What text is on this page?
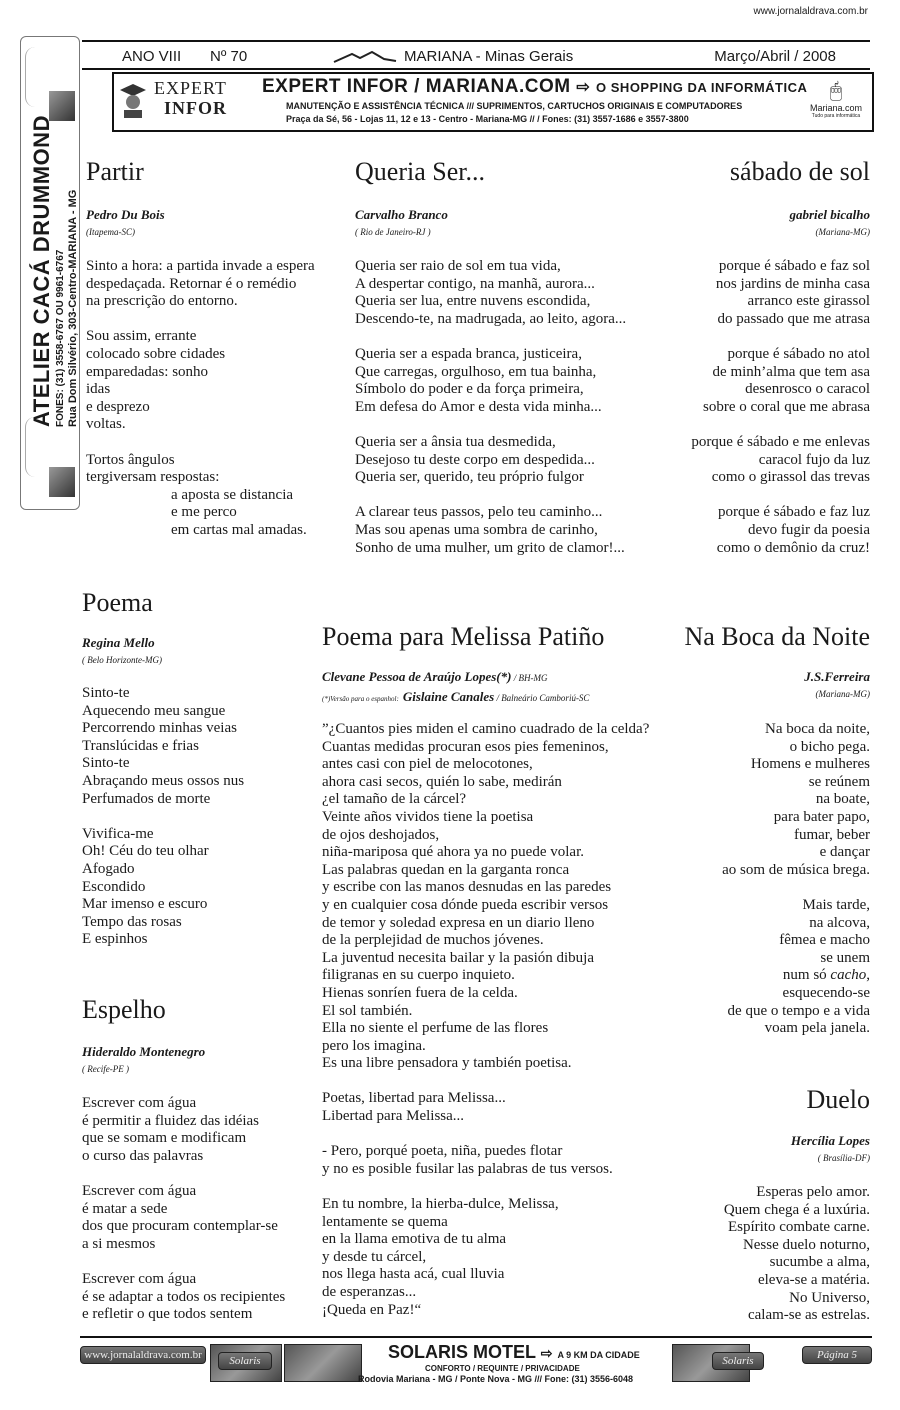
www.jornalaldrava.com.br
ANO VIII Nº 70	MARIANA - Minas Gerais	Março/Abril / 2008
EXPERT
INFOR
EXPERT INFOR / MARIANA.COM ⇨ O SHOPPING DA INFORMÁTICA
MANUTENÇÃO E ASSISTÊNCIA TÉCNICA /// SUPRIMENTOS, CARTUCHOS ORIGINAIS E COMPUTADORES
Praça da Sé, 56 - Lojas 11, 12 e 13 - Centro - Mariana-MG // / Fones: (31) 3557-1686 e 3557-3800
🖱
Mariana.com
Tudo para informática
ATELIER CACÁ DRUMMOND FONES: (31) 3558-6767 OU 9961-6767 Rua Dom Silvério, 303-Centro-MARIANA - MG
Partir
Pedro Du Bois
(Itapema-SC)
Sinto a hora: a partida invade a espera
despedaçada. Retornar é o remédio
na prescrição do entorno.
Sou assim, errante
colocado sobre cidades
emparedadas: sonho
idas
e desprezo
voltas.
Tortos ângulos
tergiversam respostas:
a aposta se distancia
e me perco
em cartas mal amadas.
Queria Ser...
Carvalho Branco
( Rio de Janeiro-RJ )
Queria ser raio de sol em tua vida,
A despertar contigo, na manhã, aurora...
Queria ser lua, entre nuvens escondida,
Descendo-te, na madrugada, ao leito, agora...
Queria ser a espada branca, justiceira,
Que carregas, orgulhoso, em tua bainha,
Símbolo do poder e da força primeira,
Em defesa do Amor e desta vida minha...
Queria ser a ânsia tua desmedida,
Desejoso tu deste corpo em despedida...
Queria ser, querido, teu próprio fulgor
A clarear teus passos, pelo teu caminho...
Mas sou apenas uma sombra de carinho,
Sonho de uma mulher, um grito de clamor!...
sábado de sol
gabriel bicalho
(Mariana-MG)
porque é sábado e faz sol
nos jardins de minha casa
arranco este girassol
do passado que me atrasa
porque é sábado no atol
de minh’alma que tem asa
desenrosco o caracol
sobre o coral que me abrasa
porque é sábado e me enlevas
caracol fujo da luz
como o girassol das trevas
porque é sábado e faz luz
devo fugir da poesia
como o demônio da cruz!
Poema
Regina Mello
( Belo Horizonte-MG)
Sinto-te
Aquecendo meu sangue
Percorrendo minhas veias
Translúcidas e frias
Sinto-te
Abraçando meus ossos nus
Perfumados de morte
Vivifica-me
Oh! Céu do teu olhar
Afogado
Escondido
Mar imenso e escuro
Tempo das rosas
E espinhos
Espelho
Hideraldo Montenegro
( Recife-PE )
Escrever com água
é permitir a fluidez das idéias
que se somam e modificam
o curso das palavras
Escrever com água
é matar a sede
dos que procuram contemplar-se
a si mesmos
Escrever com água
é se adaptar a todos os recipientes
e refletir o que todos sentem
Poema para Melissa Patiño
Clevane Pessoa de Araújo Lopes(*) / BH-MG
(*)Versão para o espanhol: Gislaine Canales / Balneário Camboriú-SC
”¿Cuantos pies miden el camino cuadrado de la celda?
Cuantas medidas procuran esos pies femeninos,
antes casi con piel de melocotones,
ahora casi secos, quién lo sabe, medirán
¿el tamaño de la cárcel?
Veinte años vividos tiene la poetisa
de ojos deshojados,
niña-mariposa qué ahora ya no puede volar.
Las palabras quedan en la garganta ronca
y escribe con las manos desnudas en las paredes
y en cualquier cosa dónde pueda escribir versos
de temor y soledad expresa en un diario lleno
de la perplejidad de muchos jóvenes.
La juventud necesita bailar y la pasión dibuja
filigranas en su cuerpo inquieto.
Hienas sonríen fuera de la celda.
El sol también.
Ella no siente el perfume de las flores
pero los imagina.
Es una libre pensadora y también poetisa.
Poetas, libertad para Melissa...
Libertad para Melissa...
- Pero, porqué poeta, niña, puedes flotar
y no es posible fusilar las palabras de tus versos.
En tu nombre, la hierba-dulce, Melissa,
lentamente se quema
en la llama emotiva de tu alma
y desde tu cárcel,
nos llega hasta acá, cual lluvia
de esperanzas...
¡Queda en Paz!“
Na Boca da Noite
J.S.Ferreira
(Mariana-MG)
Na boca da noite,
o bicho pega.
Homens e mulheres
se reúnem
na boate,
para bater papo,
fumar, beber
e dançar
ao som de música brega.
Mais tarde,
na alcova,
fêmea e macho
se unem
num só cacho,
esquecendo-se
de que o tempo e a vida
voam pela janela.
Duelo
Hercília Lopes
( Brasília-DF)
Esperas pelo amor.
Quem chega é a luxúria.
Espírito combate carne.
Nesse duelo noturno,
sucumbe a alma,
eleva-se a matéria.
No Universo,
calam-se as estrelas.
www.jornalaldrava.com.br	Solaris	SOLARIS MOTEL ⇨ A 9 KM DA CIDADE
CONFORTO / REQUINTE / PRIVACIDADE
Rodovia Mariana - MG / Ponte Nova - MG /// Fone: (31) 3556-6048
Solaris	Página 5
